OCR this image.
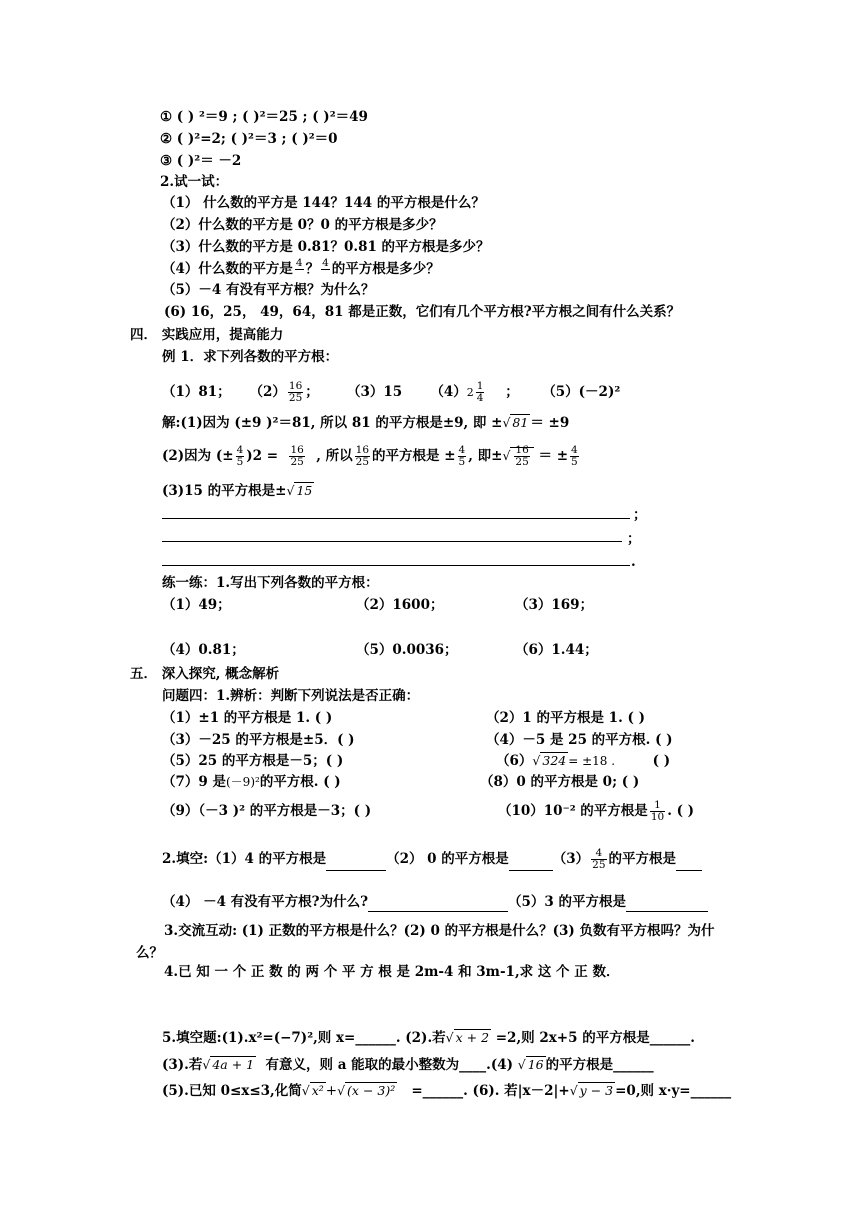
① ( ) ²＝9 ; ( )²＝25 ; ( )²＝49
② ( )²=2; ( )²＝3 ; ( )²＝0
③ ( )²＝ －2
2.试一试：
（1） 什么数的平方是 144？144 的平方根是什么？
（2）什么数的平方是 0？0 的平方根是多少？
（3）什么数的平方是 0.81？0.81 的平方根是多少？
（4）什么数的平方是 4
？ 4
的平方根是多少？
（5）－4 有没有平方根？为什么？
(6) 16，25， 49，64，81 都是正数，它们有几个平方根?平方根之间有什么关系？
四． 实践应用，提高能力
例 1．求下列各数的平方根：
（1）81； $(2) \frac{16}{25}$ ； （3）15 $(4)2 \frac{1}{4}$ ； （5）(－2)²
解:(1)因为 (±9 )²＝81, 所以 81 的平方根是±9, 即 ±√ 81 ＝ ±9
(2)因为 (± $\frac{4}{5} )2 = \frac{16}{25}$ , 所以 $\frac{16}{25}$ 的平方根是 ± $\frac{4}{5}$ , 即±√ $\frac{16}{25}$ ＝ ± $\frac{4}{5}$
(3)15 的平方根是±√ 15
；
；
.
练一练：1.写出下列各数的平方根：
（1）49；	（2）1600；	（3）169；
（4）0.81；	（5）0.0036；	（6）1.44；
五． 深入探究, 概念解析
问题四：1.辨析：判断下列说法是否正确：
（1）±1 的平方根是 1. ( )	（2）1 的平方根是 1. ( )
（3）－25 的平方根是±5．( )	（4）－5 是 25 的平方根. ( )
（5）25 的平方根是－5；( )	（6）√ 324 = ±18 .	( )
（7）9 是(－9)²的平方根. ( )	（8）0 的平方根是 0; ( )
（9）（－3 )² 的平方根是－3；( )	（10）10⁻² 的平方根是 $\frac{1}{10}$ . ( )
2.填空:（1）4 的平方根是	（2） 0 的平方根是	$(3) \frac{4}{25}$ 的平方根是
（4） －4 有没有平方根?为什么?	（5）3 的平方根是
3.交流互动: (1) 正数的平方根是什么？(2) 0 的平方根是什么？(3) 负数有平方根吗？为什
么？
4.已 知 一 个 正 数 的 两 个 平 方 根 是 2m-4 和 3m-1,求 这 个 正 数．
5.填空题:(1).x²=(−7)²,则 x=______. (2).若√ x + 2 =2,则 2x+5 的平方根是______.
(3).若√ 4a + 1 有意义，则 a 能取的最小整数为____.(4) √ 16 的平方根是______
(5).已知 0≤x≤3,化简√ x² +√ (x − 3)² =______. (6). 若|x－2|+√ y − 3 =0,则 x·y=______
